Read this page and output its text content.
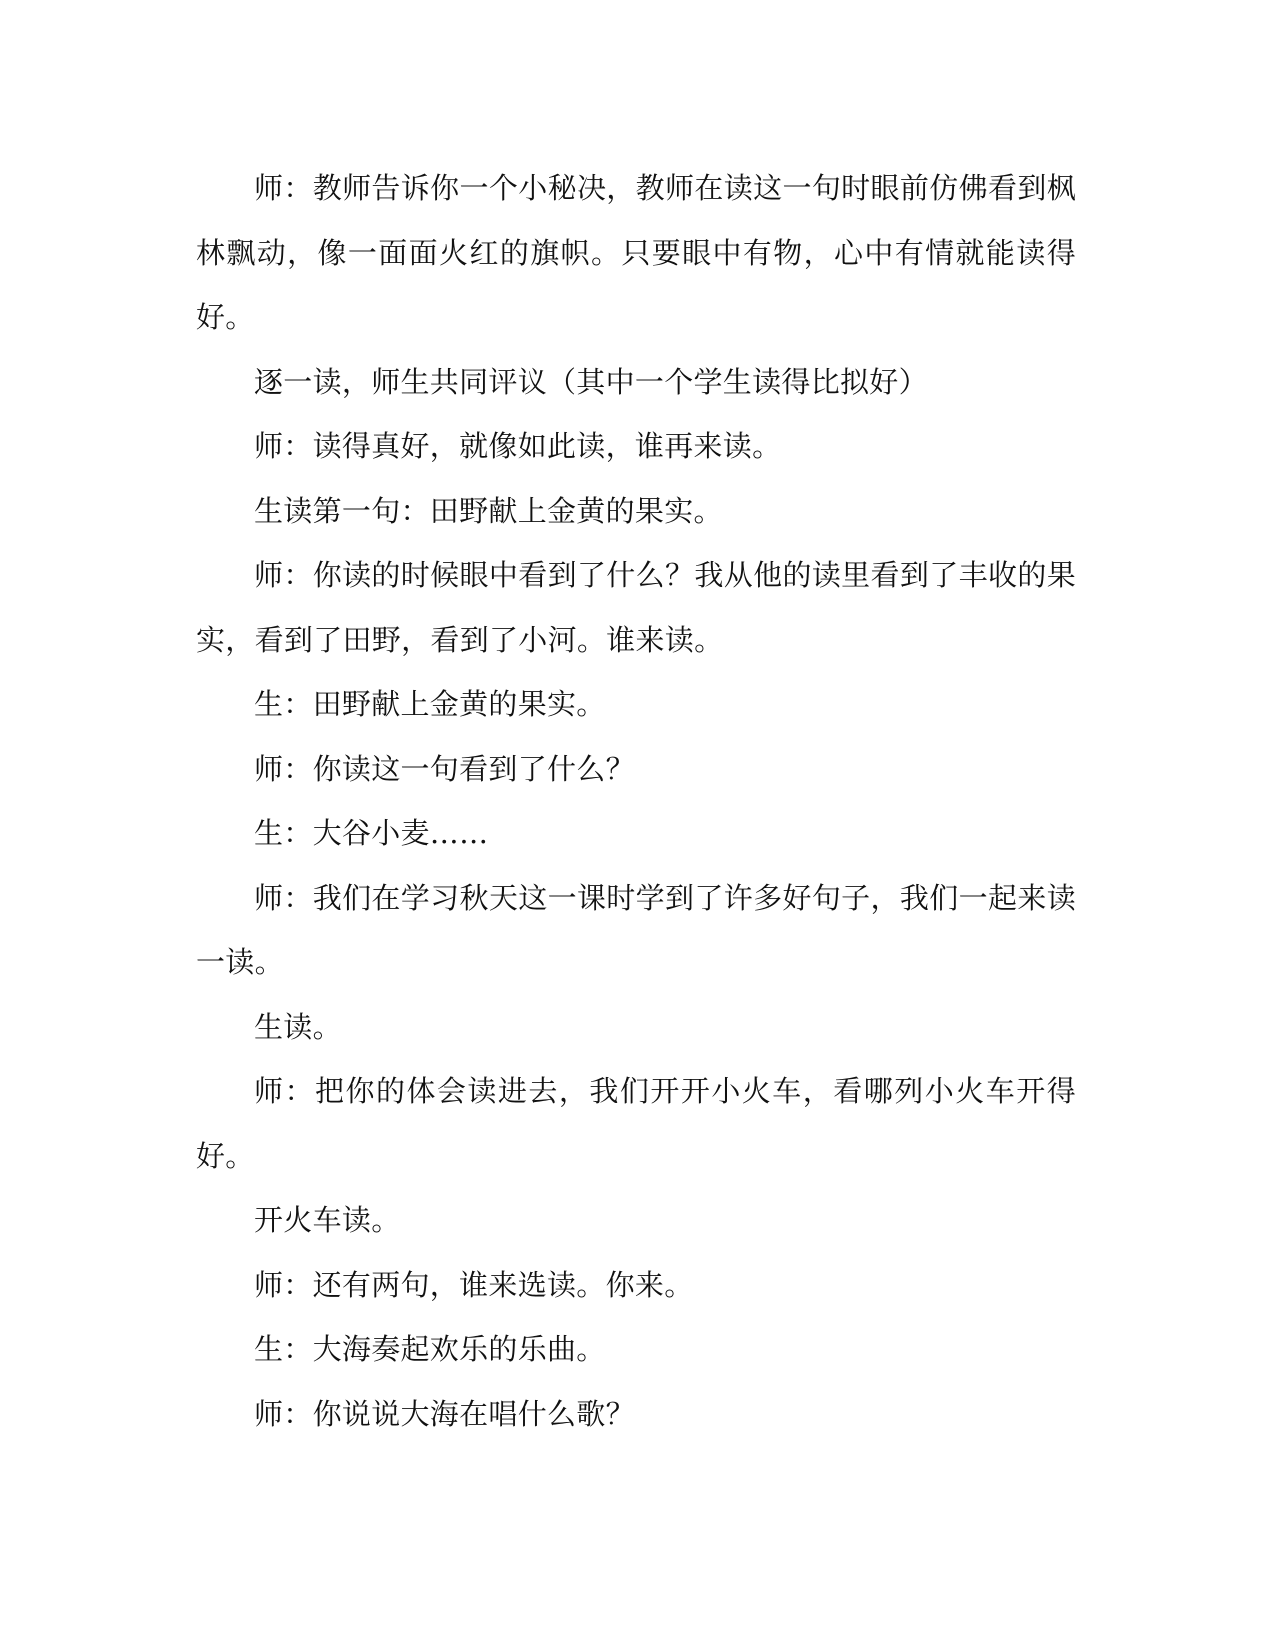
师：教师告诉你一个小秘决，教师在读这一句时眼前仿佛看到枫林飘动，像一面面火红的旗帜。只要眼中有物，心中有情就能读得好。

逐一读，师生共同评议（其中一个学生读得比拟好）

师：读得真好，就像如此读，谁再来读。

生读第一句：田野献上金黄的果实。

师：你读的时候眼中看到了什么？我从他的读里看到了丰收的果实，看到了田野，看到了小河。谁来读。

生：田野献上金黄的果实。

师：你读这一句看到了什么？

生：大谷小麦……

师：我们在学习秋天这一课时学到了许多好句子，我们一起来读一读。

生读。

师：把你的体会读进去，我们开开小火车，看哪列小火车开得好。

开火车读。

师：还有两句，谁来选读。你来。

生：大海奏起欢乐的乐曲。

师：你说说大海在唱什么歌？
